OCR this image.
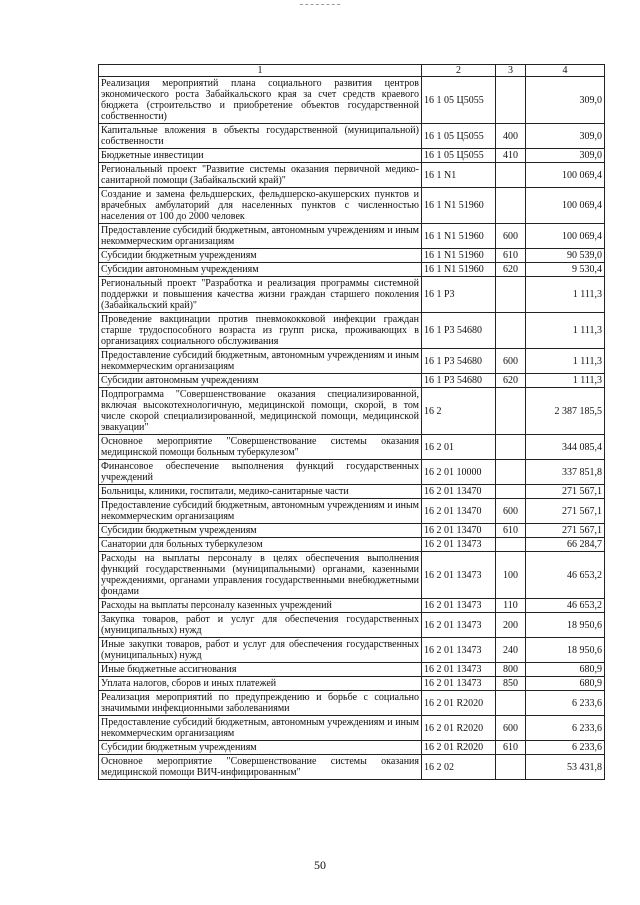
1	2	3	4
Реализация мероприятий плана социального развития центров экономического роста Забайкальского края за счет средств краевого бюджета (строительство и приобретение объектов государственной собственности)	16 1 05 Ц5055		309,0
Капитальные вложения в объекты государственной (муниципальной) собственности	16 1 05 Ц5055	400	309,0
Бюджетные инвестиции	16 1 05 Ц5055	410	309,0
Региональный проект "Развитие системы оказания первичной медико-санитарной помощи (Забайкальский край)"	16 1 N1		100 069,4
Создание и замена фельдшерских, фельдшерско-акушерских пунктов и врачебных амбулаторий для населенных пунктов с численностью населения от 100 до 2000 человек	16 1 N1 51960		100 069,4
Предоставление субсидий бюджетным, автономным учреждениям и иным некоммерческим организациям	16 1 N1 51960	600	100 069,4
Субсидии бюджетным учреждениям	16 1 N1 51960	610	90 539,0
Субсидии автономным учреждениям	16 1 N1 51960	620	9 530,4
Региональный проект "Разработка и реализация программы системной поддержки и повышения качества жизни граждан старшего поколения (Забайкальский край)"	16 1 P3		1 111,3
Проведение вакцинации против пневмококковой инфекции граждан старше трудоспособного возраста из групп риска, проживающих в организациях социального обслуживания	16 1 P3 54680		1 111,3
Предоставление субсидий бюджетным, автономным учреждениям и иным некоммерческим организациям	16 1 P3 54680	600	1 111,3
Субсидии автономным учреждениям	16 1 P3 54680	620	1 111,3
Подпрограмма "Совершенствование оказания специализированной, включая высокотехнологичную, медицинской помощи, скорой, в том числе скорой специализированной, медицинской помощи, медицинской эвакуации"	16 2		2 387 185,5
Основное мероприятие "Совершенствование системы оказания медицинской помощи больным туберкулезом"	16 2 01		344 085,4
Финансовое обеспечение выполнения функций государственных учреждений	16 2 01 10000		337 851,8
Больницы, клиники, госпитали, медико-санитарные части	16 2 01 13470		271 567,1
Предоставление субсидий бюджетным, автономным учреждениям и иным некоммерческим организациям	16 2 01 13470	600	271 567,1
Субсидии бюджетным учреждениям	16 2 01 13470	610	271 567,1
Санатории для больных туберкулезом	16 2 01 13473		66 284,7
Расходы на выплаты персоналу в целях обеспечения выполнения функций государственными (муниципальными) органами, казенными учреждениями, органами управления государственными внебюджетными фондами	16 2 01 13473	100	46 653,2
Расходы на выплаты персоналу казенных учреждений	16 2 01 13473	110	46 653,2
Закупка товаров, работ и услуг для обеспечения государственных (муниципальных) нужд	16 2 01 13473	200	18 950,6
Иные закупки товаров, работ и услуг для обеспечения государственных (муниципальных) нужд	16 2 01 13473	240	18 950,6
Иные бюджетные ассигнования	16 2 01 13473	800	680,9
Уплата налогов, сборов и иных платежей	16 2 01 13473	850	680,9
Реализация мероприятий по предупреждению и борьбе с социально значимыми инфекционными заболеваниями	16 2 01 R2020		6 233,6
Предоставление субсидий бюджетным, автономным учреждениям и иным некоммерческим организациям	16 2 01 R2020	600	6 233,6
Субсидии бюджетным учреждениям	16 2 01 R2020	610	6 233,6
Основное мероприятие "Совершенствование системы оказания медицинской помощи ВИЧ-инфицированным"	16 2 02		53 431,8
50
